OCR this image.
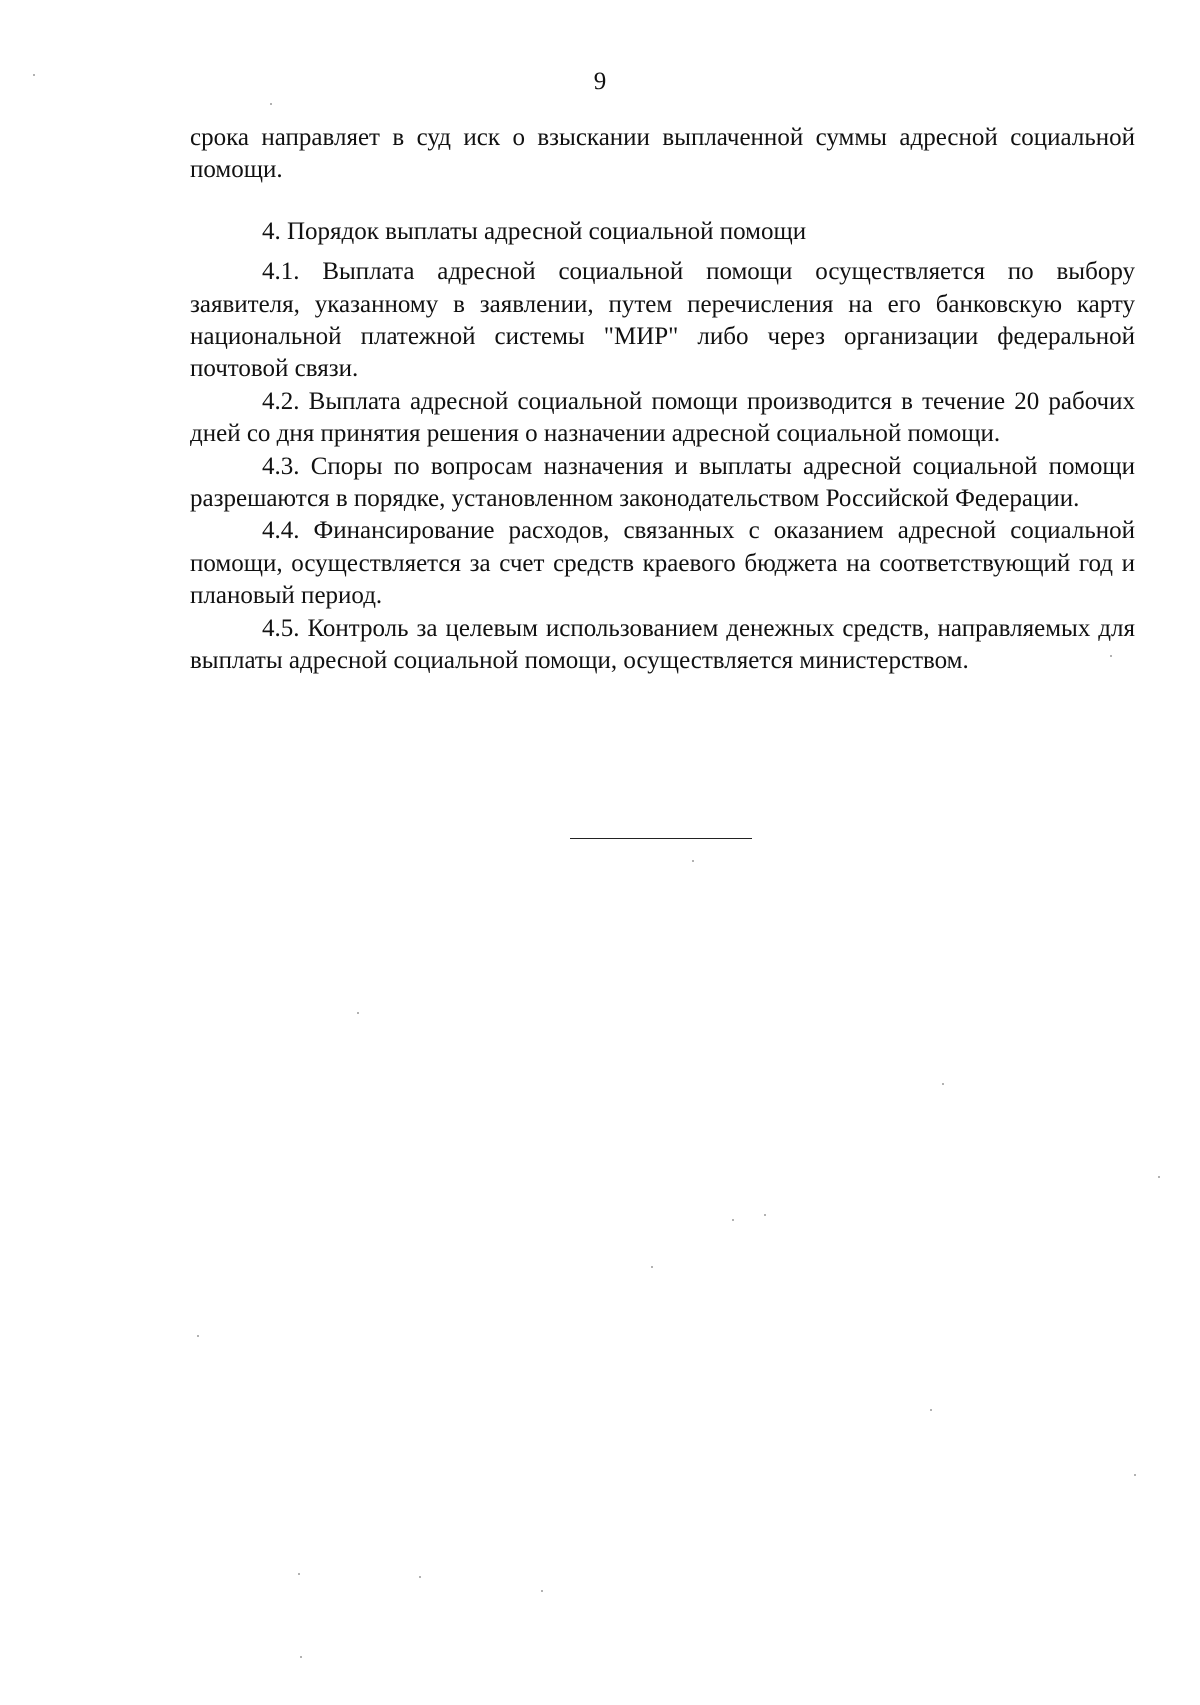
9

срока направляет в суд иск о взыскании выплаченной суммы адресной социальной помощи.

4. Порядок выплаты адресной социальной помощи

4.1. Выплата адресной социальной помощи осуществляется по выбору заявителя, указанному в заявлении, путем перечисления на его банковскую карту национальной платежной системы "МИР" либо через организации федеральной почтовой связи.

4.2. Выплата адресной социальной помощи производится в течение 20 рабочих дней со дня принятия решения о назначении адресной социальной помощи.

4.3. Споры по вопросам назначения и выплаты адресной социальной помощи разрешаются в порядке, установленном законодательством Российской Федерации.

4.4. Финансирование расходов, связанных с оказанием адресной социальной помощи, осуществляется за счет средств краевого бюджета на соответствующий год и плановый период.

4.5. Контроль за целевым использованием денежных средств, направляемых для выплаты адресной социальной помощи, осуществляется министерством.
